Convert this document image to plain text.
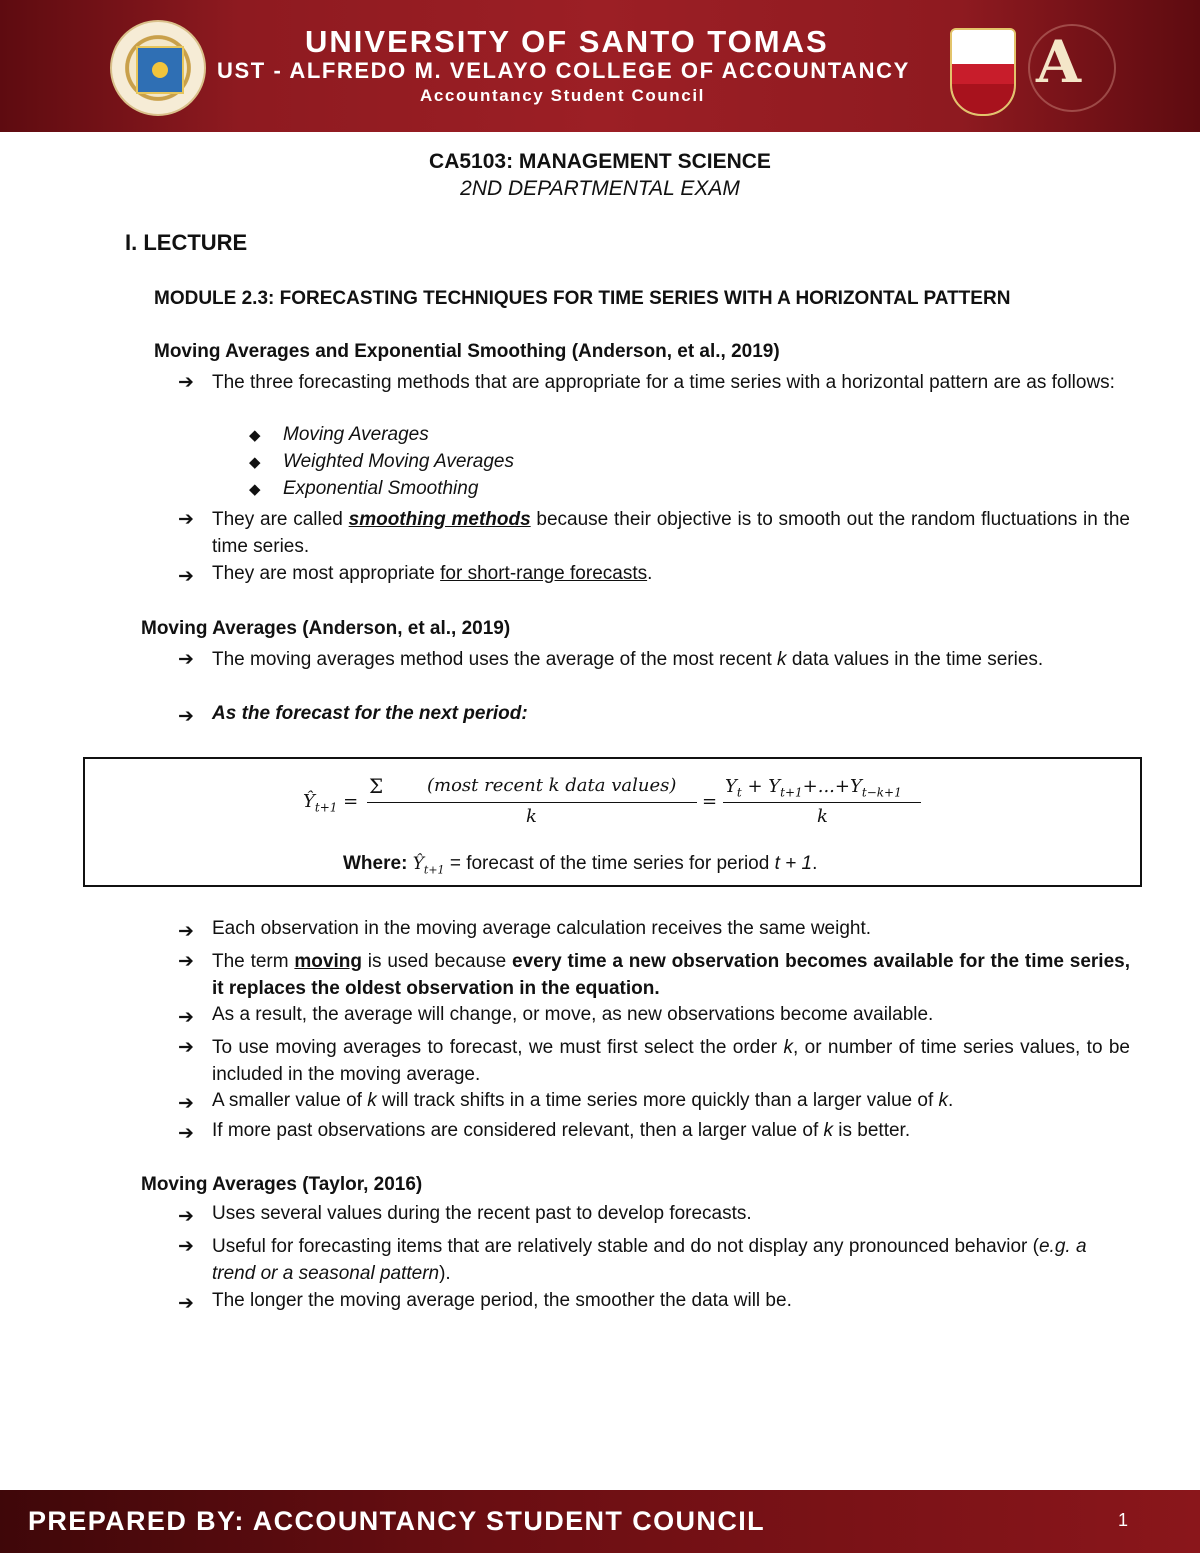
UNIVERSITY OF SANTO TOMAS
UST - ALFREDO M. VELAYO COLLEGE OF ACCOUNTANCY
Accountancy Student Council	A
CA5103: MANAGEMENT SCIENCE
2ND DEPARTMENTAL EXAM
I. LECTURE
MODULE 2.3: FORECASTING TECHNIQUES FOR TIME SERIES WITH A HORIZONTAL PATTERN
Moving Averages and Exponential Smoothing (Anderson, et al., 2019)
➔ The three forecasting methods that are appropriate for a time series with a horizontal pattern are as follows:
◆ Moving Averages
◆ Weighted Moving Averages
◆ Exponential Smoothing
➔ They are called smoothing methods because their objective is to smooth out the random fluctuations in the time series.
➔ They are most appropriate for short-range forecasts.
Moving Averages (Anderson, et al., 2019)
➔ The moving averages method uses the average of the most recent k data values in the time series.
➔ As the forecast for the next period:
$Ŷ_{t+1}$ =
Σ (most recent k data values)
k
=
$Y_t + Y_{t+1}+...+Y_{t-k+1}$
k
Where: $Ŷ_{t+1}$ = forecast of the time series for period t + 1.
➔ Each observation in the moving average calculation receives the same weight.
➔ The term moving is used because every time a new observation becomes available for the time series, it replaces the oldest observation in the equation.
➔ As a result, the average will change, or move, as new observations become available.
➔ To use moving averages to forecast, we must first select the order k, or number of time series values, to be included in the moving average.
➔ A smaller value of k will track shifts in a time series more quickly than a larger value of k.
➔ If more past observations are considered relevant, then a larger value of k is better.
Moving Averages (Taylor, 2016)
➔ Uses several values during the recent past to develop forecasts.
➔ Useful for forecasting items that are relatively stable and do not display any pronounced behavior (e.g. a trend or a seasonal pattern).
➔ The longer the moving average period, the smoother the data will be.
PREPARED BY: ACCOUNTANCY STUDENT COUNCIL	1
